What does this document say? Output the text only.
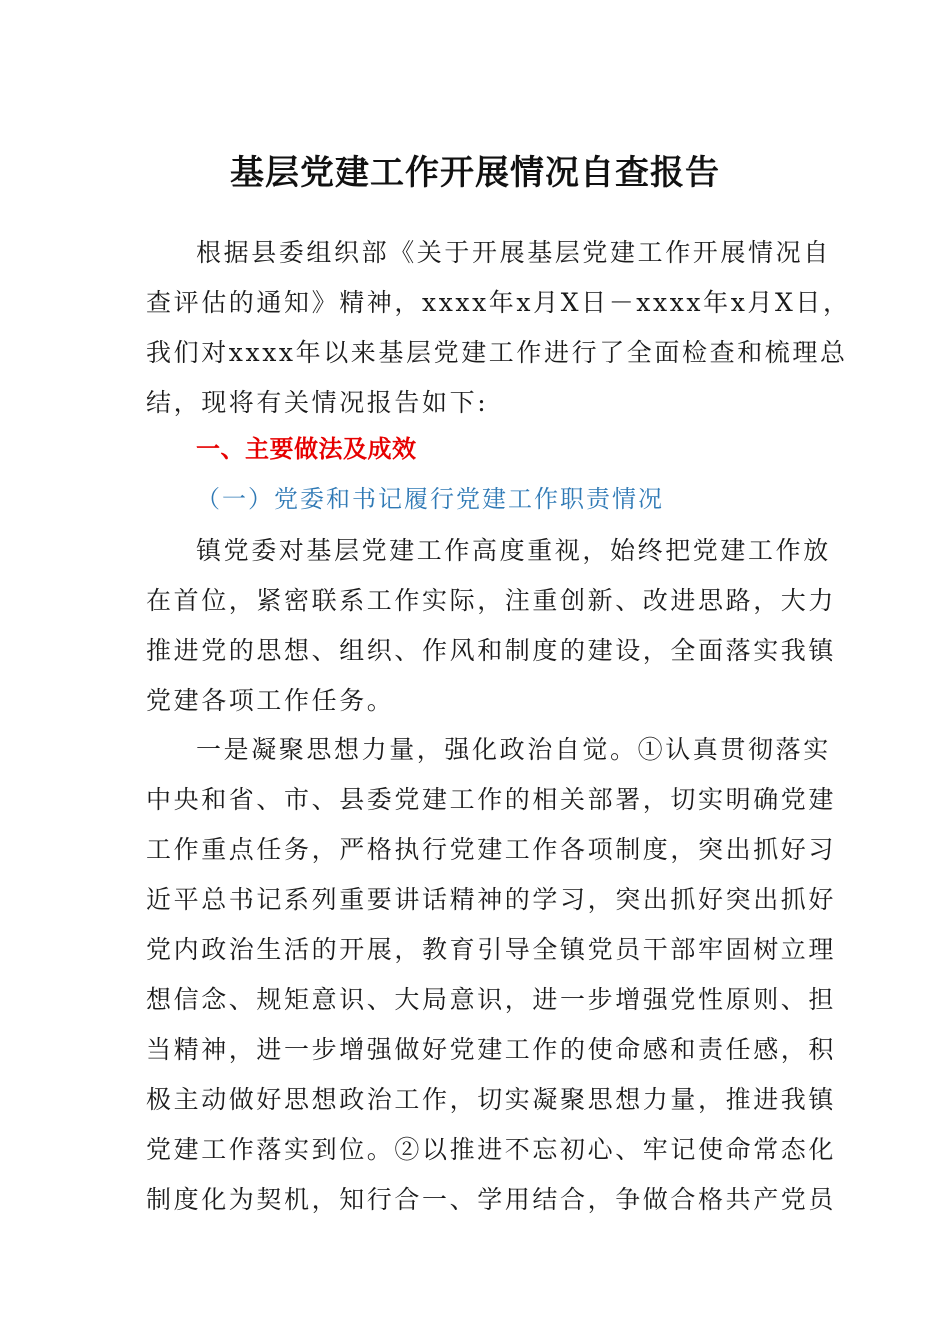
基层党建工作开展情况自查报告
根据县委组织部《关于开展基层党建工作开展情况自
查评估的通知》精神，xxxx年x月X日－xxxx年x月X日，
我们对xxxx年以来基层党建工作进行了全面检查和梳理总
结，现将有关情况报告如下:
一、主要做法及成效
（一）党委和书记履行党建工作职责情况
镇党委对基层党建工作高度重视，始终把党建工作放
在首位，紧密联系工作实际，注重创新、改进思路，大力
推进党的思想、组织、作风和制度的建设，全面落实我镇
党建各项工作任务。
一是凝聚思想力量，强化政治自觉。①认真贯彻落实
中央和省、市、县委党建工作的相关部署，切实明确党建
工作重点任务，严格执行党建工作各项制度，突出抓好习
近平总书记系列重要讲话精神的学习，突出抓好突出抓好
党内政治生活的开展，教育引导全镇党员干部牢固树立理
想信念、规矩意识、大局意识，进一步增强党性原则、担
当精神，进一步增强做好党建工作的使命感和责任感，积
极主动做好思想政治工作，切实凝聚思想力量，推进我镇
党建工作落实到位。②以推进不忘初心、牢记使命常态化
制度化为契机，知行合一、学用结合，争做合格共产党员
